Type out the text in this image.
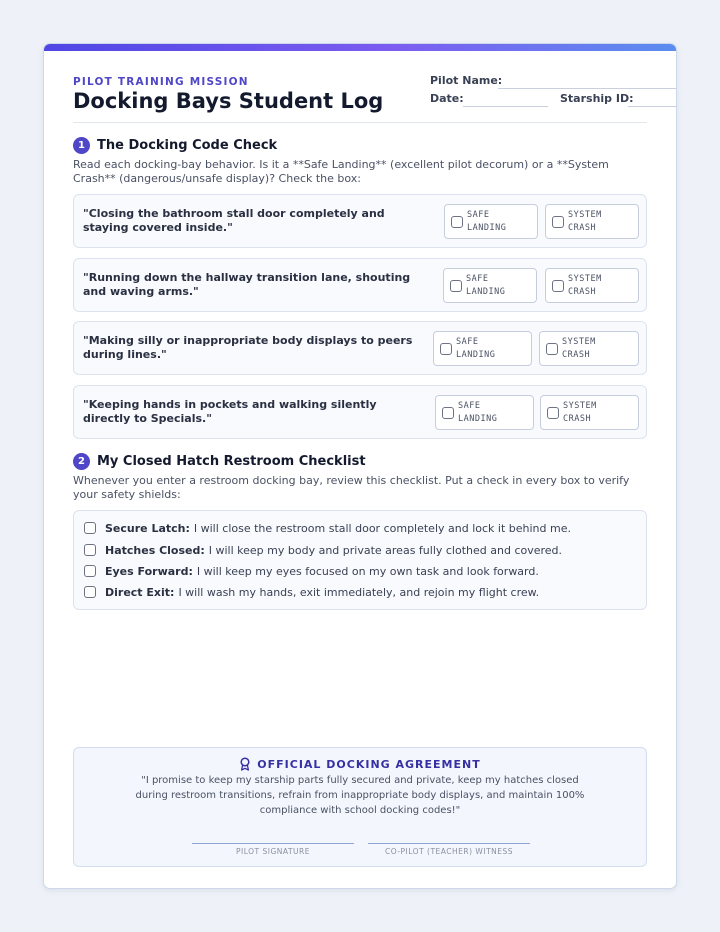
PILOT TRAINING MISSION
Docking Bays Student Log
Pilot Name:
Date:	Starship ID:
1 The Docking Code Check
Read each docking-bay behavior. Is it a **Safe Landing** (excellent pilot decorum) or a **System Crash** (dangerous/unsafe display)? Check the box:
"Closing the bathroom stall door completely and staying covered inside."
SAFE
LANDING
SYSTEM
CRASH
"Running down the hallway transition lane, shouting and waving arms."
SAFE
LANDING
SYSTEM
CRASH
"Making silly or inappropriate body displays to peers during lines."
SAFE
LANDING
SYSTEM
CRASH
"Keeping hands in pockets and walking silently directly to Specials."
SAFE
LANDING
SYSTEM
CRASH
2 My Closed Hatch Restroom Checklist
Whenever you enter a restroom docking bay, review this checklist. Put a check in every box to verify your safety shields:
Secure Latch: I will close the restroom stall door completely and lock it behind me.
Hatches Closed: I will keep my body and private areas fully clothed and covered.
Eyes Forward: I will keep my eyes focused on my own task and look forward.
Direct Exit: I will wash my hands, exit immediately, and rejoin my flight crew.
OFFICIAL DOCKING AGREEMENT
"I promise to keep my starship parts fully secured and private, keep my hatches closed during restroom transitions, refrain from inappropriate body displays, and maintain 100% compliance with school docking codes!"
PILOT SIGNATURE	CO-PILOT (TEACHER) WITNESS
